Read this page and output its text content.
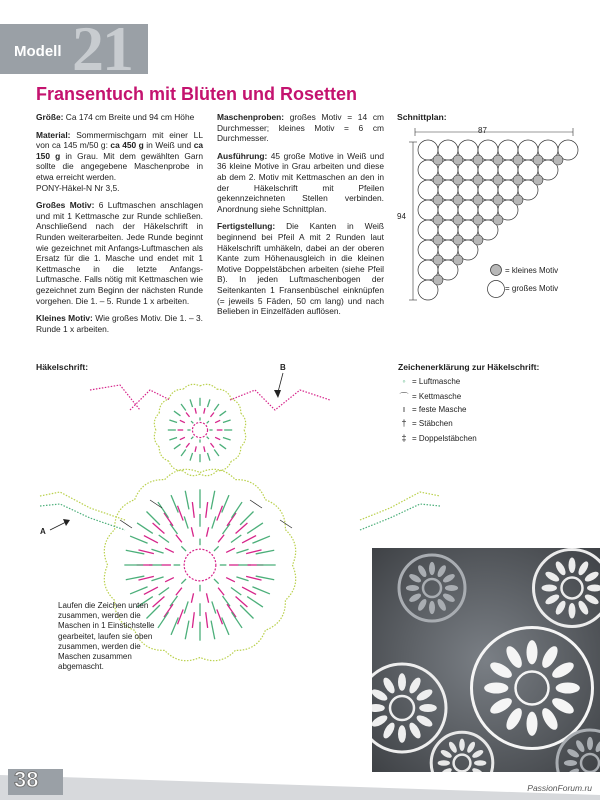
Modell 21
Fransentuch mit Blüten und Rosetten

Größe: Ca 174 cm Breite und 94 cm Höhe

Material: Sommermischgarn mit einer LL von ca 145 m/50 g: ca 450 g in Weiß und ca 150 g in Grau. Mit dem gewählten Garn sollte die angegebene Maschenprobe in etwa erreicht werden.

PONY-Häkel-N Nr 3,5.

Großes Motiv: 6 Luftmaschen anschlagen und mit 1 Kettmasche zur Runde schließen. Anschließend nach der Häkelschrift in Runden weiterarbeiten. Jede Runde beginnt wie gezeichnet mit Anfangs-Luftmaschen als Ersatz für die 1. Masche und endet mit 1 Kettmasche in die letzte Anfangs-Luftmasche. Falls nötig mit Kettmaschen wie gezeichnet zum Beginn der nächsten Runde vorgehen. Die 1. – 5. Runde 1 x arbeiten.

Kleines Motiv: Wie großes Motiv. Die 1. – 3. Runde 1 x arbeiten.

Maschenproben: großes Motiv = 14 cm Durchmesser; kleines Motiv = 6 cm Durchmesser.

Ausführung: 45 große Motive in Weiß und 36 kleine Motive in Grau arbeiten und diese ab dem 2. Motiv mit Kettmaschen an den in der Häkelschrift mit Pfeilen gekennzeichneten Stellen verbinden. Anordnung siehe Schnittplan.

Fertigstellung: Die Kanten in Weiß beginnend bei Pfeil A mit 2 Runden laut Häkelschrift umhäkeln, dabei an der oberen Kante zum Höhenausgleich in die kleinen Motive Doppelstäbchen arbeiten (siehe Pfeil B). In jeden Luftmaschenbogen der Seitenkanten 1 Fransenbüschel einknüpfen (= jeweils 5 Fäden, 50 cm lang) und nach Belieben in Einzelfäden auflösen.

Schnittplan:
87
94
= kleines Motiv
= großes Motiv
Häkelschrift:	B
A
Laufen die Zeichen unten zusammen, werden die Maschen in 1 Einstichstelle gearbeitet, laufen sie oben zusammen, werden die Maschen zusammen abgemascht.
Zeichenerklärung zur Häkelschrift:
◦ = Luftmasche
⌒ = Kettmasche
ı = feste Masche
† = Stäbchen
‡ = Doppelstäbchen
38	PassionForum.ru
